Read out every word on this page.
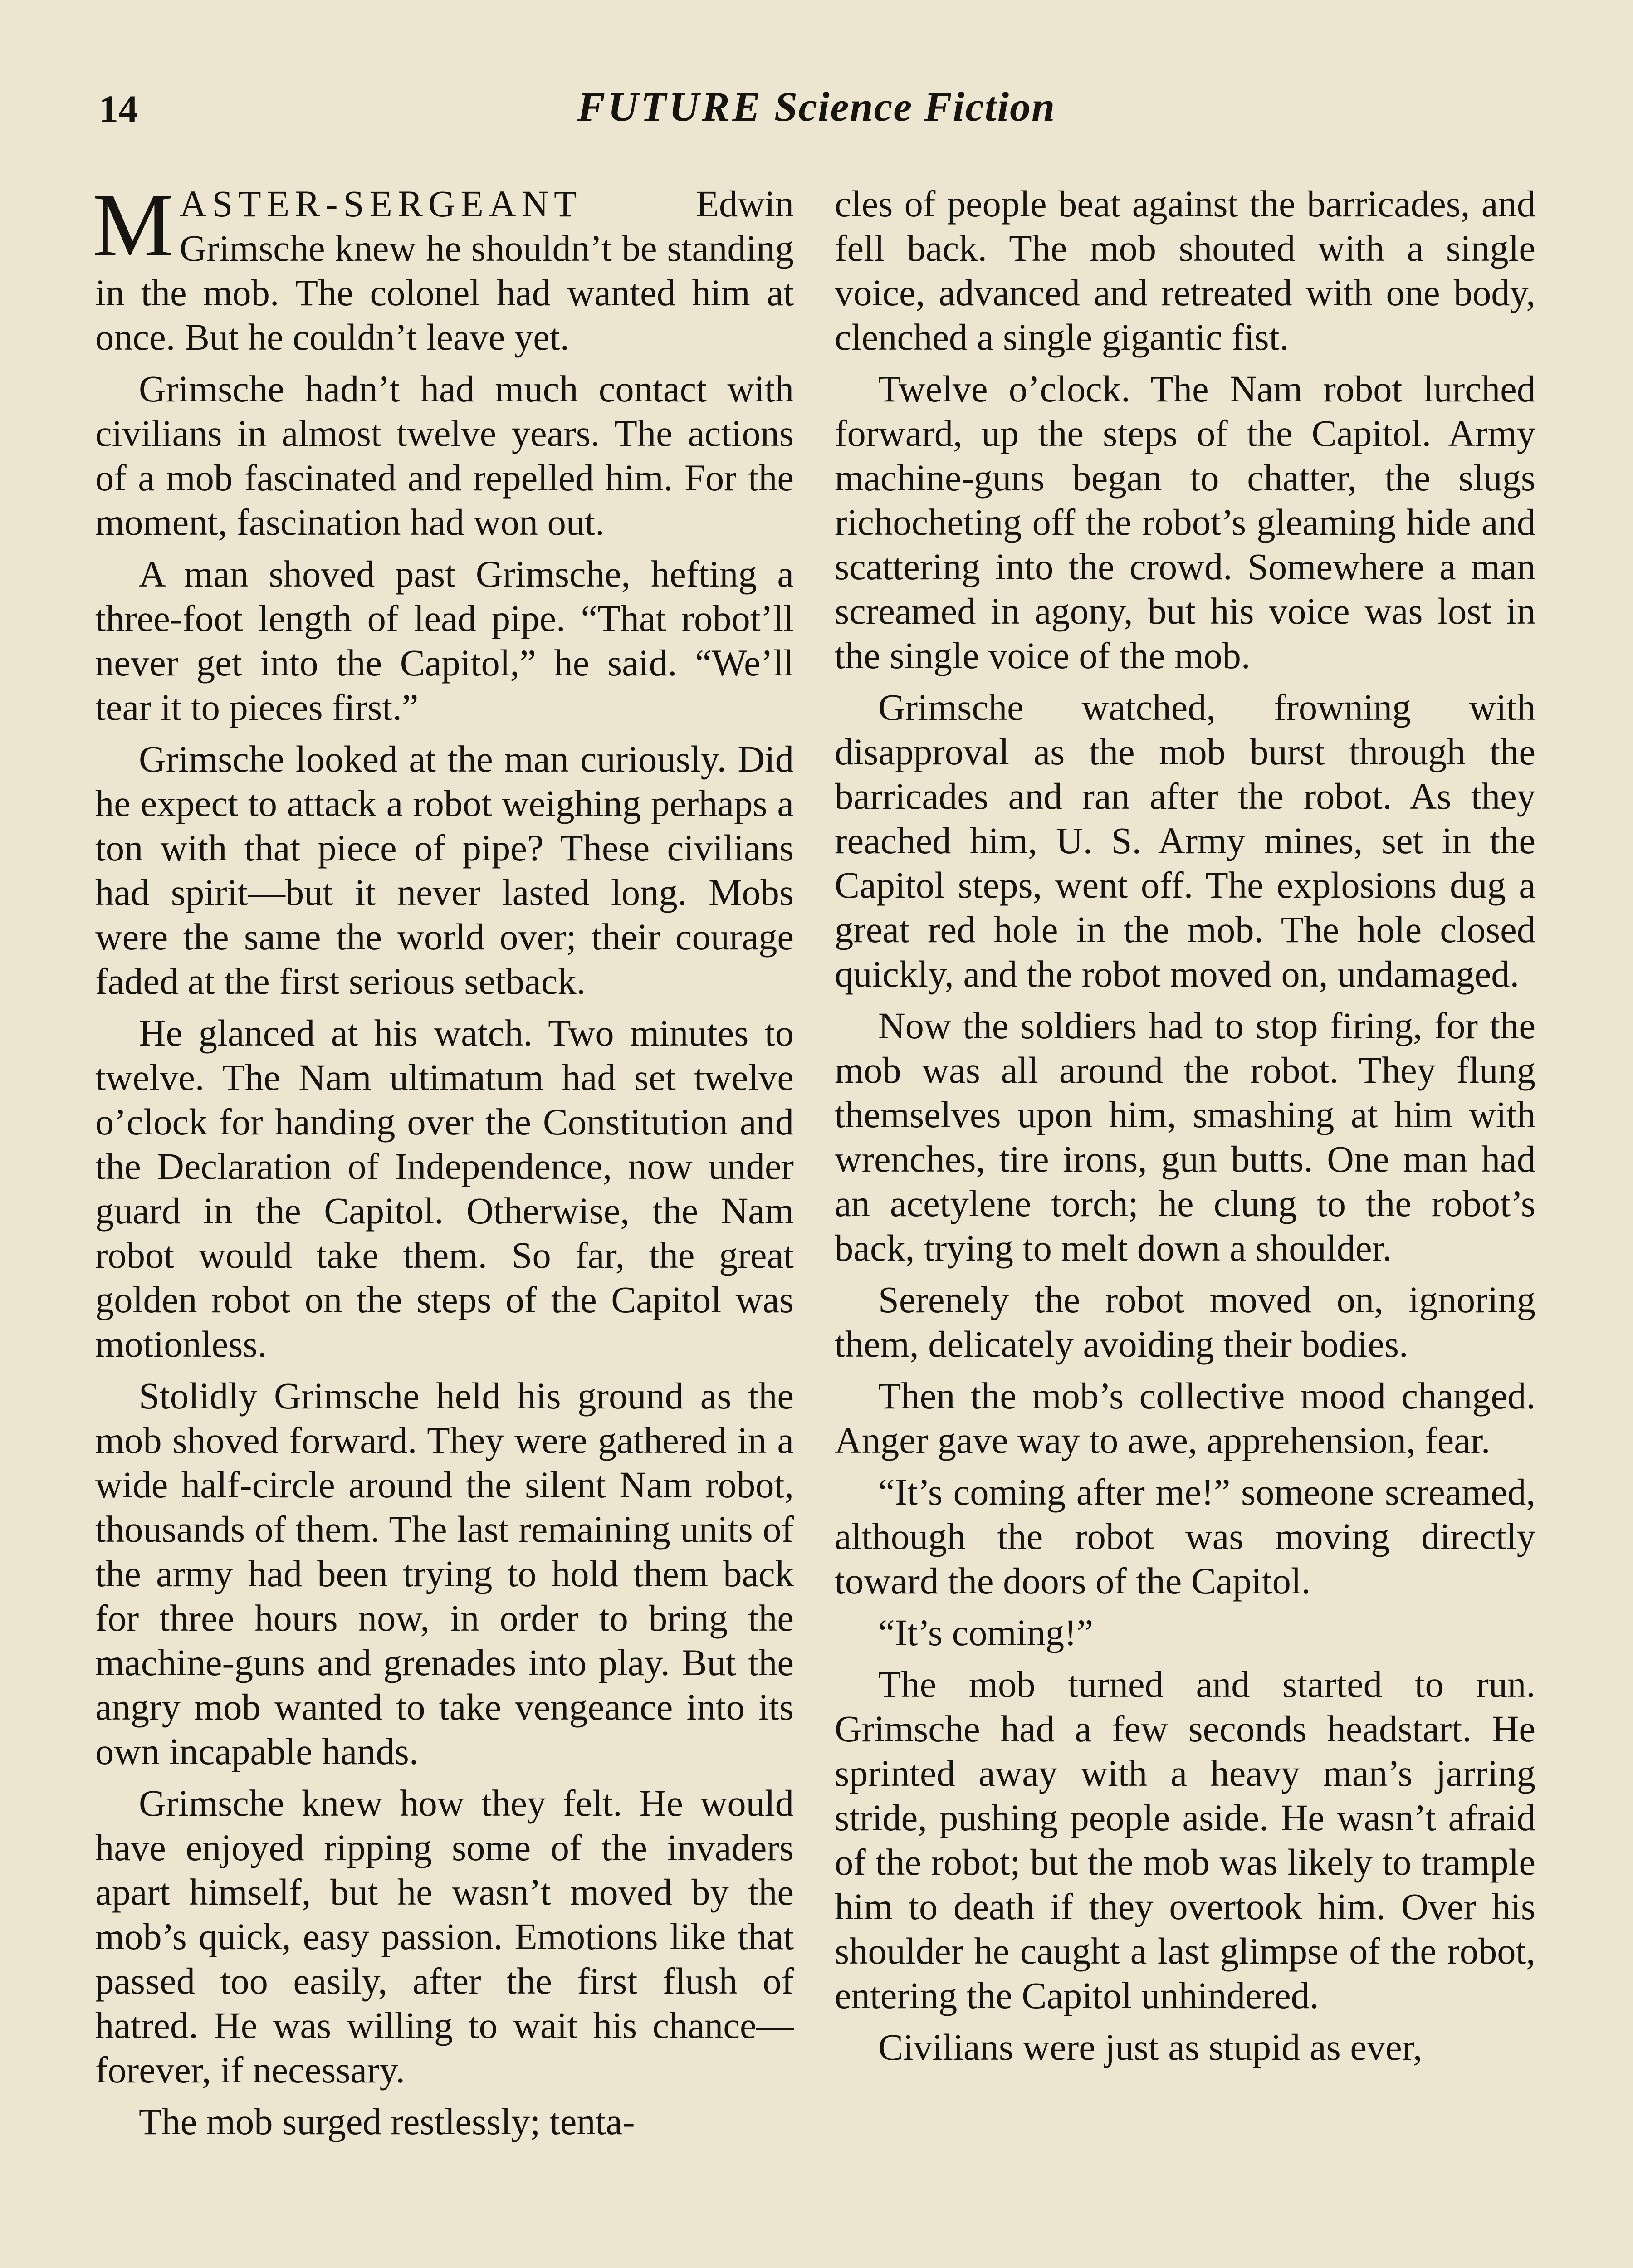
14	FUTURE Science Fiction

MASTER-SERGEANT Edwin Grimsche knew he shouldn’t be standing in the mob. The colonel had wanted him at once. But he couldn’t leave yet.

Grimsche hadn’t had much contact with civilians in almost twelve years. The actions of a mob fascinated and repelled him. For the moment, fascination had won out.

A man shoved past Grimsche, hefting a three-foot length of lead pipe. “That robot’ll never get into the Capitol,” he said. “We’ll tear it to pieces first.”

Grimsche looked at the man curiously. Did he expect to attack a robot weighing perhaps a ton with that piece of pipe? These civilians had spirit—but it never lasted long. Mobs were the same the world over; their courage faded at the first serious setback.

He glanced at his watch. Two minutes to twelve. The Nam ultimatum had set twelve o’clock for handing over the Constitution and the Declaration of Independence, now under guard in the Capitol. Otherwise, the Nam robot would take them. So far, the great golden robot on the steps of the Capitol was motionless.

Stolidly Grimsche held his ground as the mob shoved forward. They were gathered in a wide half-circle around the silent Nam robot, thousands of them. The last remaining units of the army had been trying to hold them back for three hours now, in order to bring the machine-guns and grenades into play. But the angry mob wanted to take vengeance into its own incapable hands.

Grimsche knew how they felt. He would have enjoyed ripping some of the invaders apart himself, but he wasn’t moved by the mob’s quick, easy passion. Emotions like that passed too easily, after the first flush of hatred. He was willing to wait his chance—forever, if necessary.

The mob surged restlessly; tenta-

cles of people beat against the barricades, and fell back. The mob shouted with a single voice, advanced and retreated with one body, clenched a single gigantic fist.

Twelve o’clock. The Nam robot lurched forward, up the steps of the Capitol. Army machine-guns began to chatter, the slugs richocheting off the robot’s gleaming hide and scattering into the crowd. Somewhere a man screamed in agony, but his voice was lost in the single voice of the mob.

Grimsche watched, frowning with disapproval as the mob burst through the barricades and ran after the robot. As they reached him, U. S. Army mines, set in the Capitol steps, went off. The explosions dug a great red hole in the mob. The hole closed quickly, and the robot moved on, undamaged.

Now the soldiers had to stop firing, for the mob was all around the robot. They flung themselves upon him, smashing at him with wrenches, tire irons, gun butts. One man had an acetylene torch; he clung to the robot’s back, trying to melt down a shoulder.

Serenely the robot moved on, ignoring them, delicately avoiding their bodies.

Then the mob’s collective mood changed. Anger gave way to awe, apprehension, fear.

“It’s coming after me!” someone screamed, although the robot was moving directly toward the doors of the Capitol.

“It’s coming!”

The mob turned and started to run. Grimsche had a few seconds headstart. He sprinted away with a heavy man’s jarring stride, pushing people aside. He wasn’t afraid of the robot; but the mob was likely to trample him to death if they overtook him. Over his shoulder he caught a last glimpse of the robot, entering the Capitol unhindered.

Civilians were just as stupid as ever,
